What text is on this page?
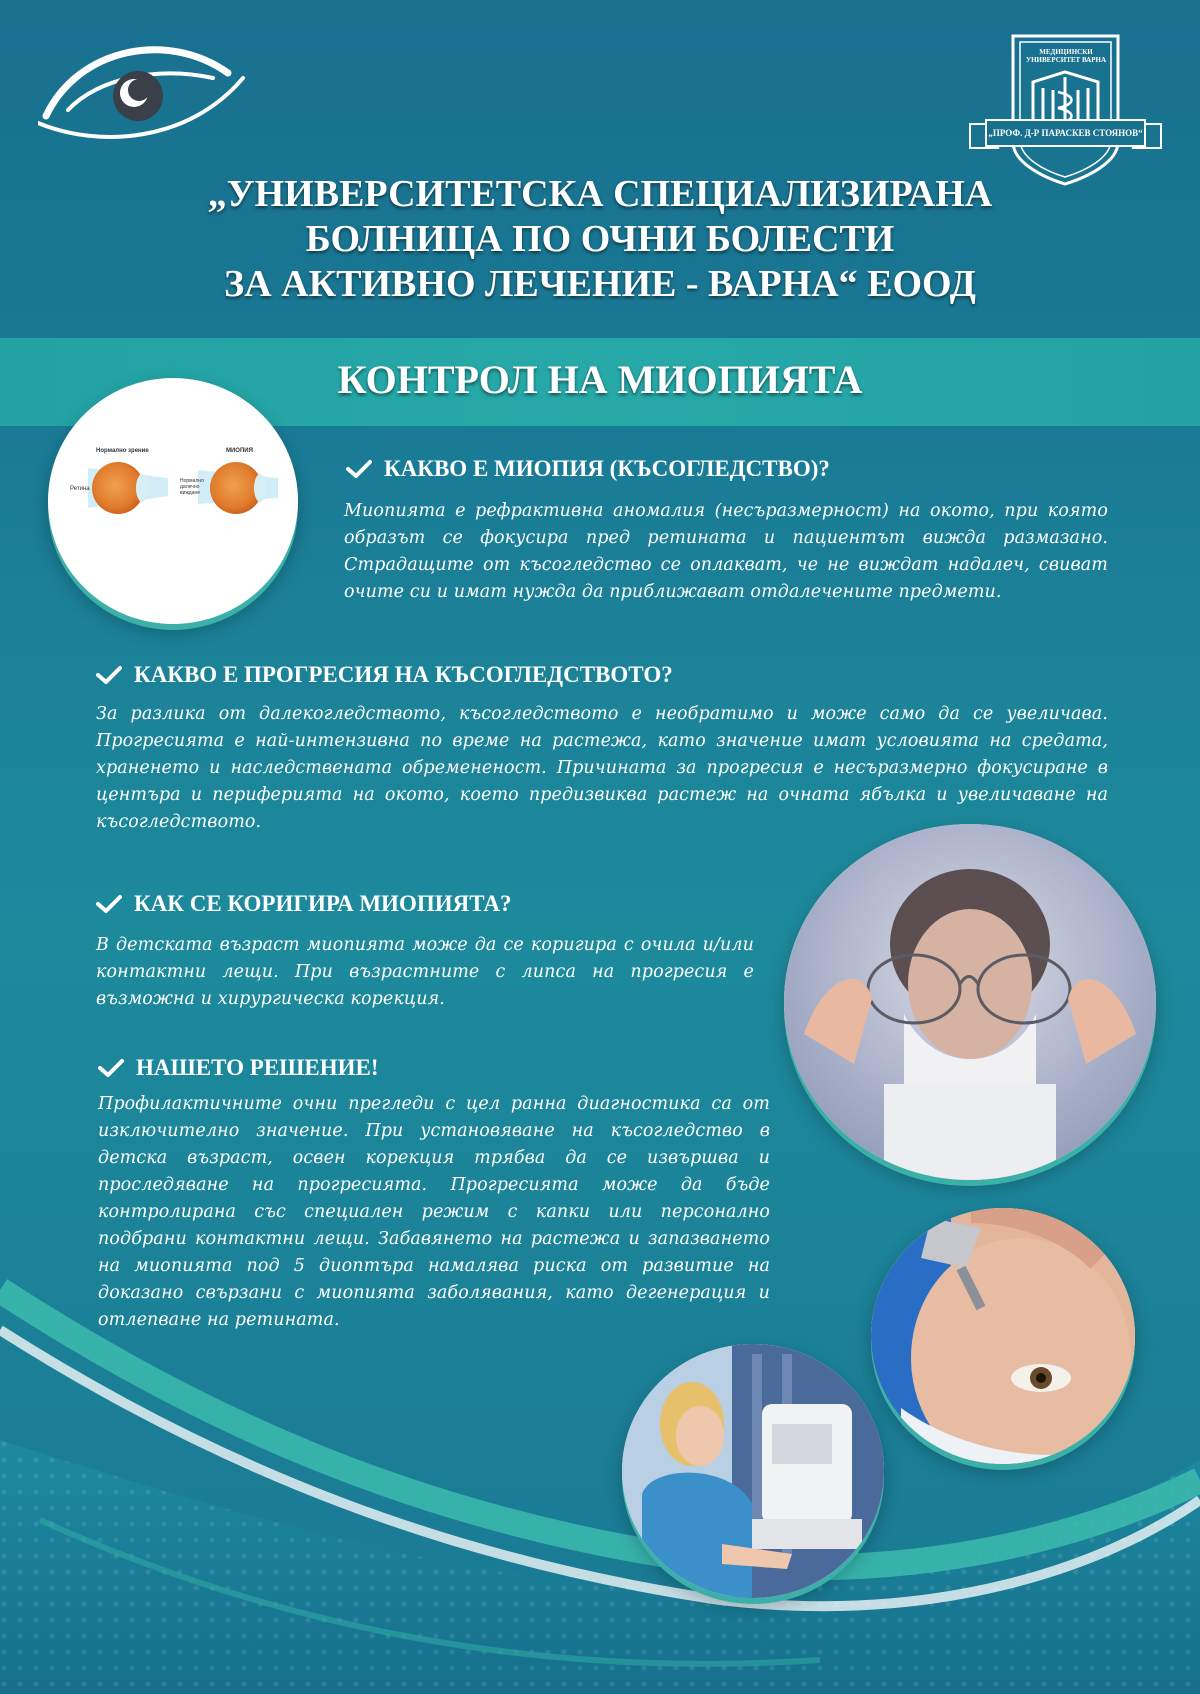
МЕДИЦИНСКИ УНИВЕРСИТЕТ ВАРНА
„ПРОФ. Д-Р ПАРАСКЕВ СТОЯНОВ“
„УНИВЕРСИТЕТСКА СПЕЦИАЛИЗИРАНА
БОЛНИЦА ПО ОЧНИ БОЛЕСТИ
ЗА АКТИВНО ЛЕЧЕНИЕ - ВАРНА“ ЕООД
КОНТРОЛ НА МИОПИЯТА
Нормално зрение	МИОПИЯ
Ретина
Нормално далечно виждане
КАКВО Е МИОПИЯ (КЪСОГЛЕДСТВО)?
Миопията е рефрактивна аномалия (несъразмерност) на окото, при която образът се фокусира пред ретината и пациентът вижда размазано. Страдащите от късогледство се оплакват, че не виждат надалеч, свиват очите си и имат нужда да приближават отдалечените предмети.
КАКВО Е ПРОГРЕСИЯ НА КЪСОГЛЕДСТВОТО?
За разлика от далекогледството, късогледството е необратимо и може само да се увеличава. Прогресията е най-интензивна по време на растежа, като значение имат условията на средата, храненето и наследствената обремененост. Причината за прогресия е несъразмерно фокусиране в центъра и периферията на окото, което предизвиква растеж на очната ябълка и увеличаване на късогледството.
КАК СЕ КОРИГИРА МИОПИЯТА?
В детската възраст миопията може да се коригира с очила и/или контактни лещи. При възрастните с липса на прогресия е възможна и хирургическа корекция.
НАШЕТО РЕШЕНИЕ!
Профилактичните очни прегледи с цел ранна диагностика са от изключително значение. При установяване на късогледство в детска възраст, освен корекция трябва да се извършва и проследяване на прогресията. Прогресията може да бъде контролирана със специален режим с капки или персонално подбрани контактни лещи. Забавянето на растежа и запазването на миопията под 5 диоптъра намалява риска от развитие на доказано свързани с миопията заболявания, като дегенерация и отлепване на ретината.
